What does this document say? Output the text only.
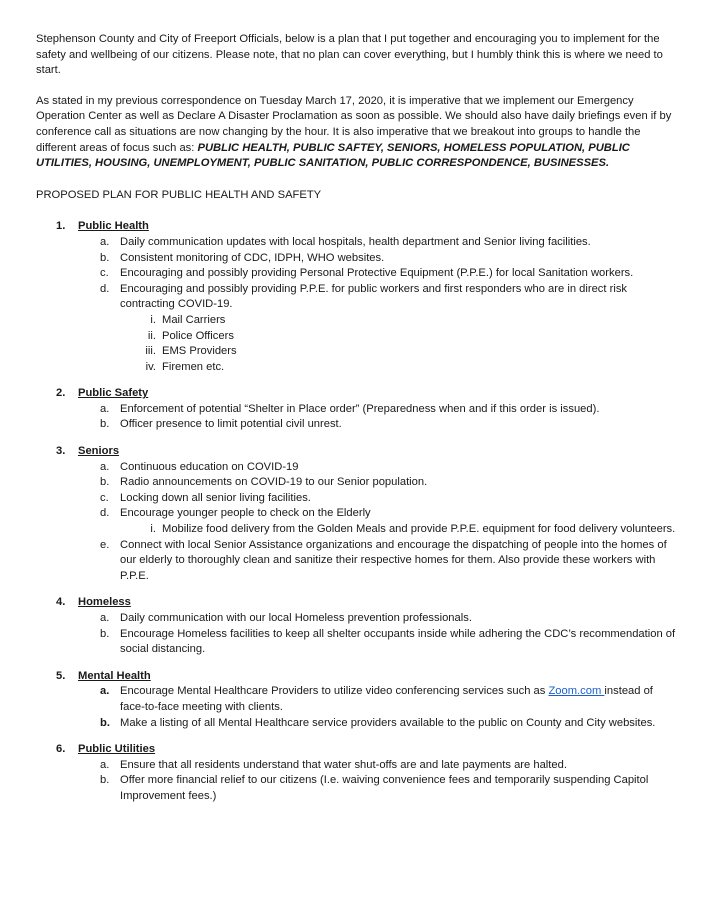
Stephenson County and City of Freeport Officials, below is a plan that I put together and encouraging you to implement for the safety and wellbeing of our citizens. Please note, that no plan can cover everything, but I humbly think this is where we need to start.

As stated in my previous correspondence on Tuesday March 17, 2020, it is imperative that we implement our Emergency Operation Center as well as Declare A Disaster Proclamation as soon as possible. We should also have daily briefings even if by conference call as situations are now changing by the hour. It is also imperative that we breakout into groups to handle the different areas of focus such as: PUBLIC HEALTH, PUBLIC SAFTEY, SENIORS, HOMELESS POPULATION, PUBLIC UTILITIES, HOUSING, UNEMPLOYMENT, PUBLIC SANITATION, PUBLIC CORRESPONDENCE, BUSINESSES.

PROPOSED PLAN FOR PUBLIC HEALTH AND SAFETY

1. Public Health
a. Daily communication updates with local hospitals, health department and Senior living facilities.
b. Consistent monitoring of CDC, IDPH, WHO websites.
c.	Encouraging and possibly providing Personal Protective Equipment (P.P.E.) for local Sanitation workers.
d. Encouraging and possibly providing P.P.E. for public workers and first responders who are in direct risk contracting COVID-19.
i. Mail Carriers
ii. Police Officers
iii. EMS Providers
iv. Firemen etc.
2. Public Safety
a. Enforcement of potential “Shelter in Place order” (Preparedness when and if this order is issued).
b. Officer presence to limit potential civil unrest.
3. Seniors
a. Continuous education on COVID-19
b. Radio announcements on COVID-19 to our Senior population.
c.	Locking down all senior living facilities.
d. Encourage younger people to check on the Elderly
i. Mobilize food delivery from the Golden Meals and provide P.P.E. equipment for food delivery volunteers.
e. Connect with local Senior Assistance organizations and encourage the dispatching of people into the homes of our elderly to thoroughly clean and sanitize their respective homes for them. Also provide these workers with P.P.E.
4. Homeless
a. Daily communication with our local Homeless prevention professionals.
b. Encourage Homeless facilities to keep all shelter occupants inside while adhering the CDC’s recommendation of social distancing.
5. Mental Health
a. Encourage Mental Healthcare Providers to utilize video conferencing services such as Zoom.com instead of face-to-face meeting with clients.
b. Make a listing of all Mental Healthcare service providers available to the public on County and City websites.
6. Public Utilities
a. Ensure that all residents understand that water shut-offs are and late payments are halted.
b. Offer more financial relief to our citizens (I.e. waiving convenience fees and temporarily suspending Capitol Improvement fees.)
